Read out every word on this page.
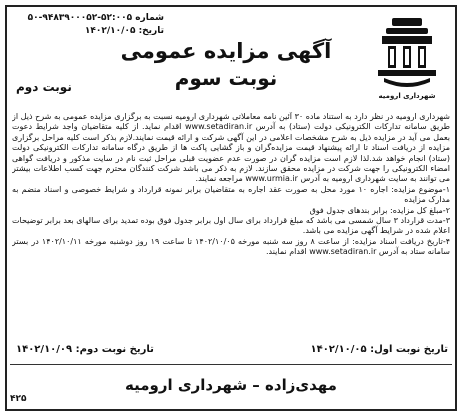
شماره ۵۲:۰۰۵-۹۴۸۳۹۰۰۰۵۲-۵۰
تاریخ: ۱۴۰۲/۱۰/۰۵
شهرداری ارومیه
آگهی مزایده عمومی
نوبت سوم
نوبت دوم

شهرداری ارومیه در نظر دارد به استناد ماده ۳۰ آئین نامه معاملاتی شهرداری ارومیه نسبت به برگزاری مزایده عمومی به شرح ذیل از طریق سامانه تدارکات الکترونیکی دولت (ستاد) به آدرس www.setadiran.ir اقدام نماید. از کلیه متقاضیان واجد شرایط دعوت بعمل می آید در مزایده ذیل به شرح مشخصات اعلامی در این آگهی شرکت و ارائه قیمت نمایند.لازم بذکر است کلیه مراحل برگزاری مزایده از دریافت اسناد تا ارائه پیشنهاد قیمت مزایده‌گران و باز گشایی پاکت ها از طریق درگاه سامانه تدارکات الکترونیکی دولت (ستاد) انجام خواهد شد.لذا لازم است مزایده گران در صورت عدم عضویت قبلی مراحل ثبت نام در سایت مذکور و دریافت گواهی امضاء الکترونیکی را جهت شرکت در مزایده محقق سازند. لازم به ذکر می باشد شرکت کنندگان محترم جهت کسب اطلاعات بیشتر می توانند به سایت شهرداری ارومیه به آدرس www.urmia.ir مراجعه نمایند.

۱-موضوع مزایده: اجاره ۱۰ مورد محل به صورت عقد اجاره به متقاضیان برابر نمونه قرارداد و شرایط خصوصی و اسناد منضم به مدارک مزایده

۲-مبلغ کل مزایده: برابر بندهای جدول فوق

۳-مدت قرارداد ۳ سال شمسی می باشد که مبلغ قرارداد برای سال اول برابر جدول فوق بوده تمدید برای سالهای بعد برابر توضیحات اعلام شده در شرایط آگهی مزایده می باشد.

۴-تاریخ دریافت اسناد مزایده: از ساعت ۸ روز سه شنبه مورخه ۱۴۰۲/۱۰/۰۵ تا ساعت ۱۹ روز دوشنبه مورخه ۱۴۰۲/۱۰/۱۱ در بستر سامانه ستاد به آدرس www.setadiran.ir اقدام نمایند.

تاریخ نوبت اول: ۱۴۰۲/۱۰/۰۵
تاریخ نوبت دوم: ۱۴۰۲/۱۰/۰۹
مهدی‌زاده – شهرداری ارومیه
۴۲۵
